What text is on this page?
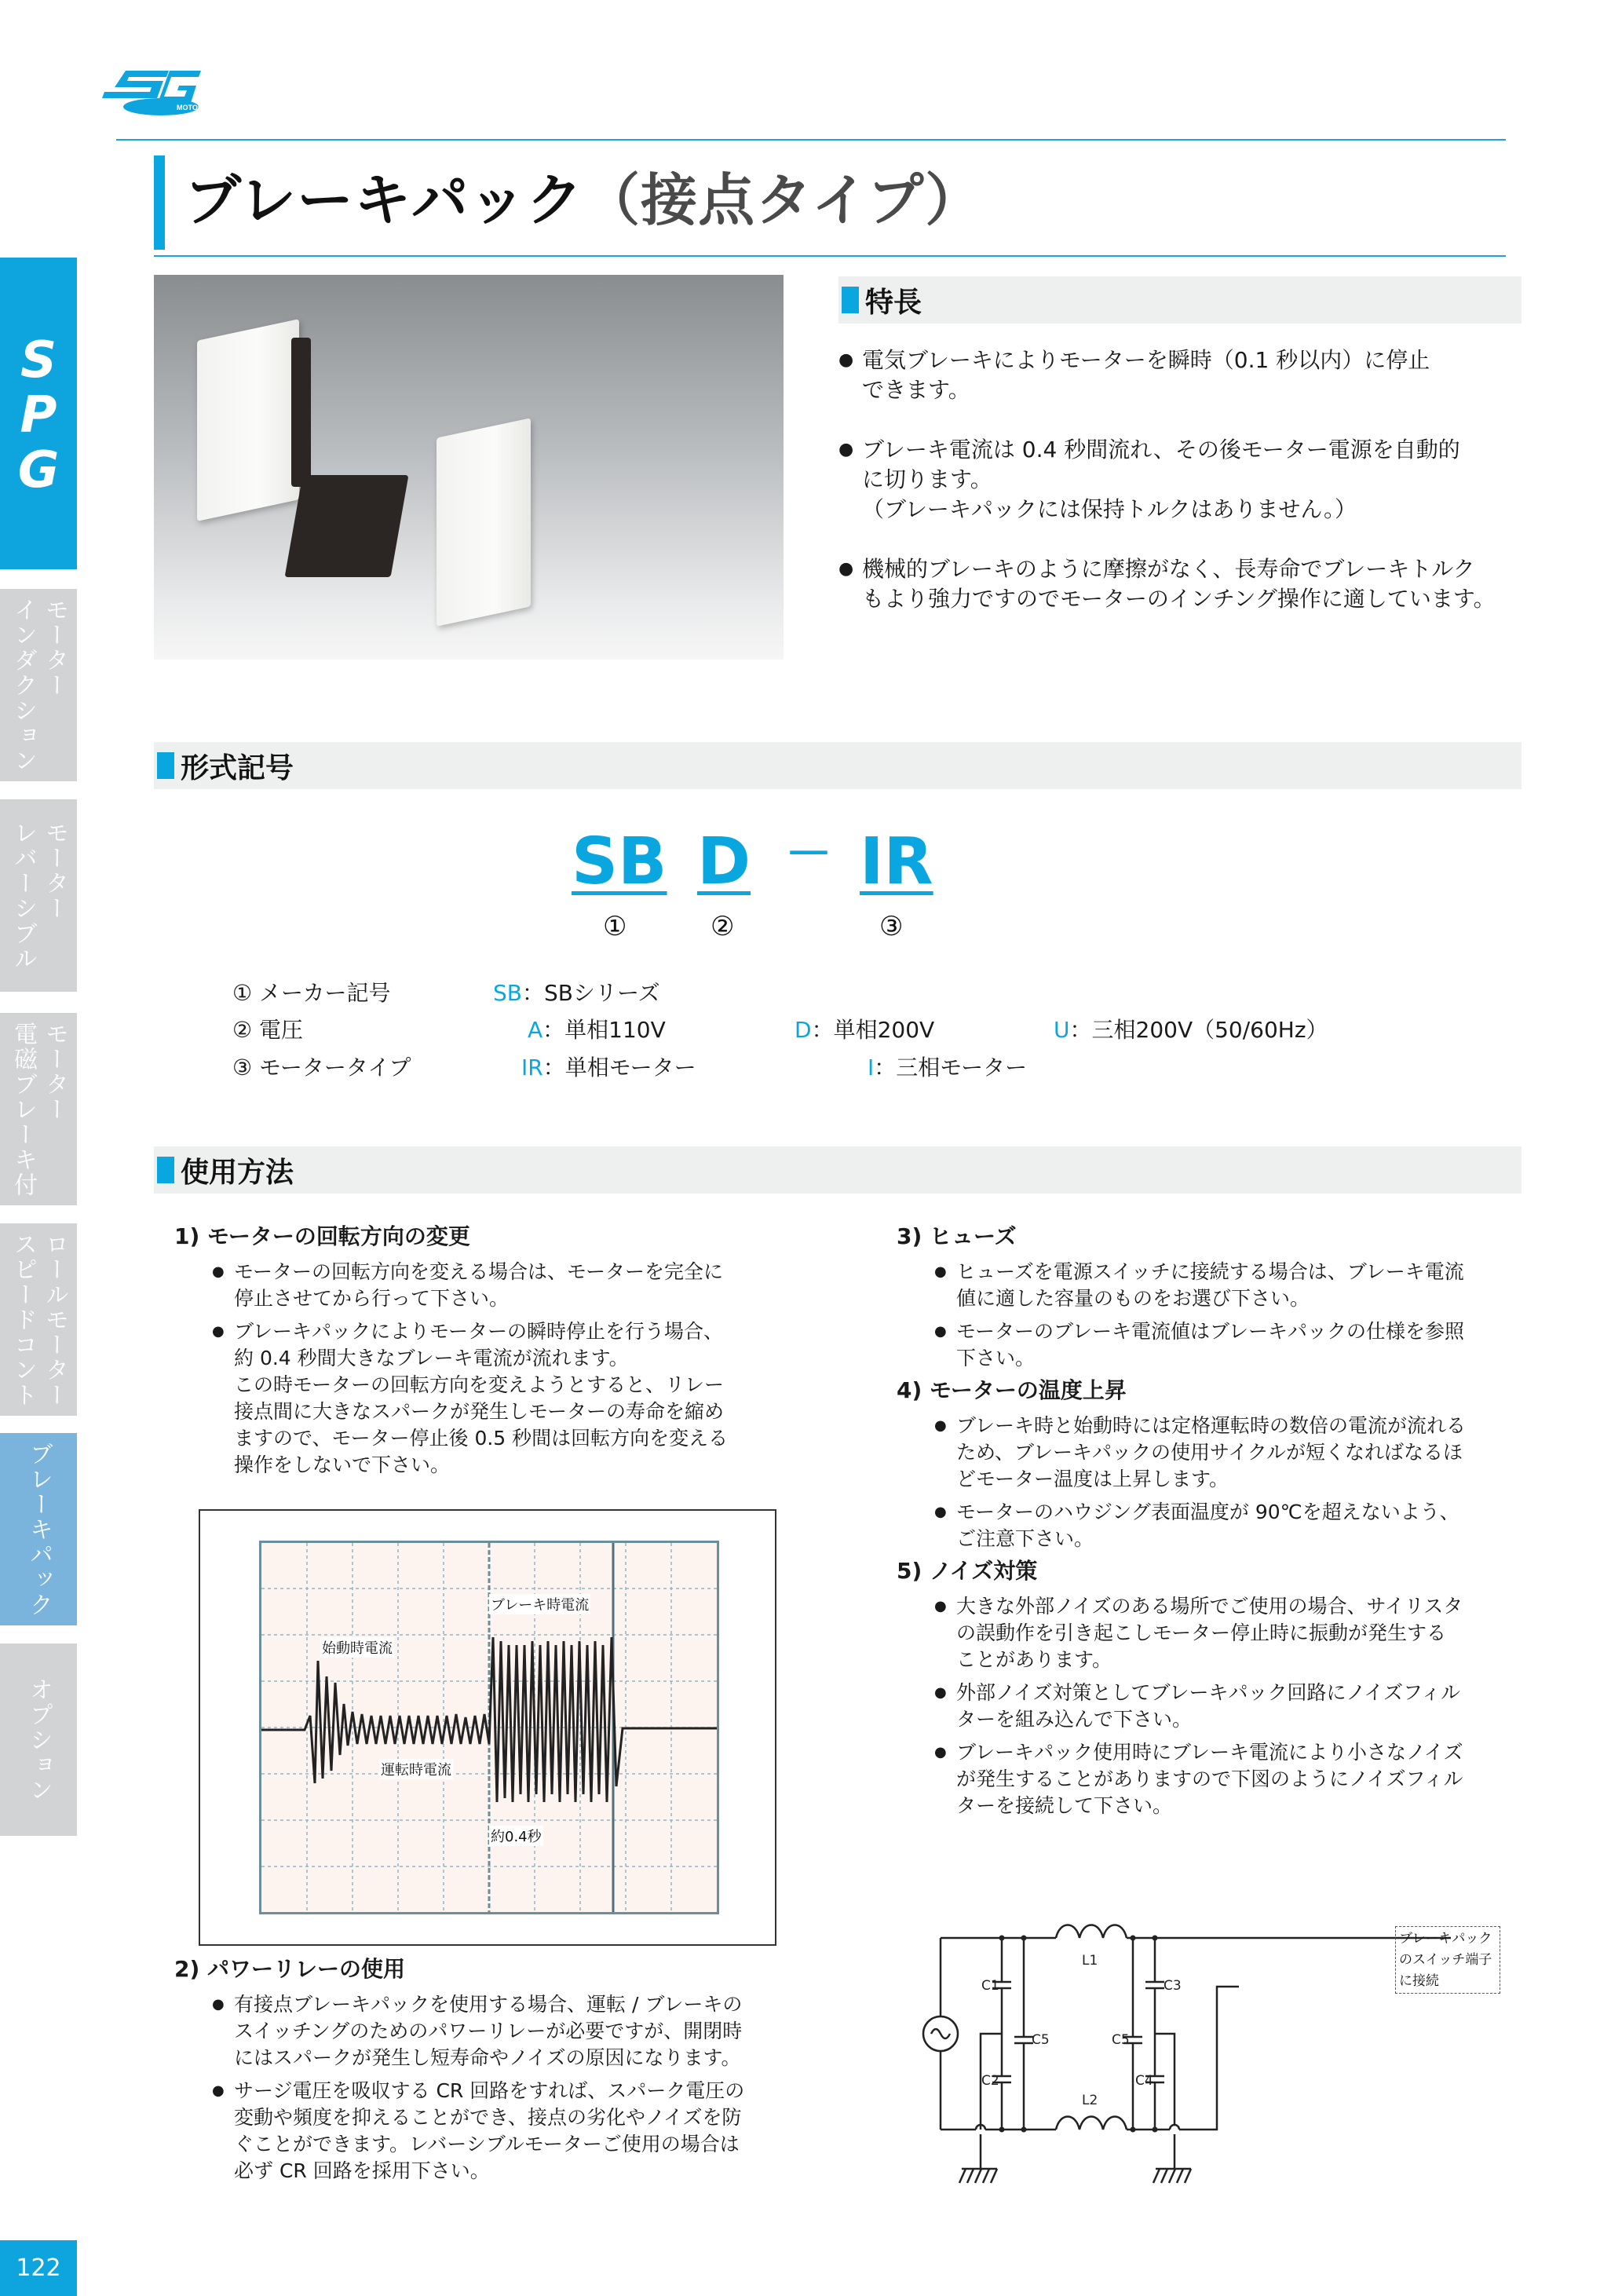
MOTOR
ブレーキパック（接点タイプ）
SPG
モーター
インダクション
モーター
レバーシブル
モーター
電磁ブレーキ付
ロールモーター
スピードコント
ブレーキパック
オプション
122
特長
● 電気ブレーキによりモーターを瞬時（0.1 秒以内）に停止
できます。
● ブレーキ電流は 0.4 秒間流れ、その後モーター電源を自動的
に切ります。
（ブレーキパックには保持トルクはありません。）
● 機械的ブレーキのように摩擦がなく、長寿命でブレーキトルク
もより強力ですのでモーターのインチング操作に適しています。
形式記号
SB D － IR
①	②	③
① メーカー記号	SB：SBシリーズ
② 電圧	A：単相110V	D：単相200V	U：三相200V（50/60Hz）
③ モータータイプ	IR：単相モーター	I：三相モーター
使用方法
1) モーターの回転方向の変更
● モーターの回転方向を変える場合は、モーターを完全に
停止させてから行って下さい。
● ブレーキパックによりモーターの瞬時停止を行う場合、
約 0.4 秒間大きなブレーキ電流が流れます。
この時モーターの回転方向を変えようとすると、リレー
接点間に大きなスパークが発生しモーターの寿命を縮め
ますので、モーター停止後 0.5 秒間は回転方向を変える
操作をしないで下さい。
ブレーキ時電流
始動時電流
運転時電流
約0.4秒
2) パワーリレーの使用
● 有接点ブレーキパックを使用する場合、運転 / ブレーキの
スイッチングのためのパワーリレーが必要ですが、開閉時
にはスパークが発生し短寿命やノイズの原因になります。
● サージ電圧を吸収する CR 回路をすれば、スパーク電圧の
変動や頻度を抑えることができ、接点の劣化やノイズを防
ぐことができます。レバーシブルモーターご使用の場合は
必ず CR 回路を採用下さい。
3) ヒューズ
● ヒューズを電源スイッチに接続する場合は、ブレーキ電流
値に適した容量のものをお選び下さい。
● モーターのブレーキ電流値はブレーキパックの仕様を参照
下さい。
4) モーターの温度上昇
● ブレーキ時と始動時には定格運転時の数倍の電流が流れる
ため、ブレーキパックの使用サイクルが短くなればなるほ
どモーター温度は上昇します。
● モーターのハウジング表面温度が 90℃を超えないよう、
ご注意下さい。
5) ノイズ対策
● 大きな外部ノイズのある場所でご使用の場合、サイリスタ
の誤動作を引き起こしモーター停止時に振動が発生する
ことがあります。
● 外部ノイズ対策としてブレーキパック回路にノイズフィル
ターを組み込んで下さい。
● ブレーキパック使用時にブレーキ電流により小さなノイズ
が発生することがありますので下図のようにノイズフィル
ターを接続して下さい。
L1
L2
C1
C2
C3
C4
C5	C5
ブレーキパック
のスイッチ端子
に接続
